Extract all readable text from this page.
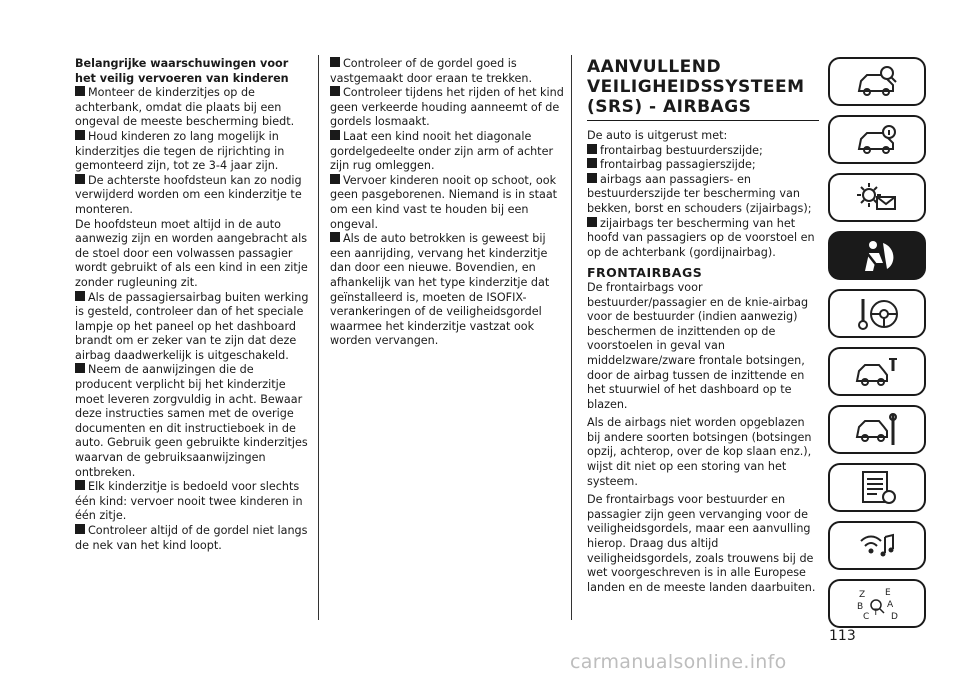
Belangrijke waarschuwingen voor het veilig vervoeren van kinderen

Monteer de kinderzitjes op de achterbank, omdat die plaats bij een ongeval de meeste bescherming biedt.

Houd kinderen zo lang mogelijk in kinderzitjes die tegen de rijrichting in gemonteerd zijn, tot ze 3-4 jaar zijn.

De achterste hoofdsteun kan zo nodig verwijderd worden om een kinderzitje te monteren.

De hoofdsteun moet altijd in de auto aanwezig zijn en worden aangebracht als de stoel door een volwassen passagier wordt gebruikt of als een kind in een zitje zonder rugleuning zit.

Als de passagiersairbag buiten werking is gesteld, controleer dan of het speciale lampje op het paneel op het dashboard brandt om er zeker van te zijn dat deze airbag daadwerkelijk is uitgeschakeld.

Neem de aanwijzingen die de producent verplicht bij het kinderzitje moet leveren zorgvuldig in acht. Bewaar deze instructies samen met de overige documenten en dit instructieboek in de auto. Gebruik geen gebruikte kinderzitjes waarvan de gebruiksaanwijzingen ontbreken.

Elk kinderzitje is bedoeld voor slechts één kind: vervoer nooit twee kinderen in één zitje.

Controleer altijd of de gordel niet langs de nek van het kind loopt.

Controleer of de gordel goed is vastgemaakt door eraan te trekken.

Controleer tijdens het rijden of het kind geen verkeerde houding aanneemt of de gordels losmaakt.

Laat een kind nooit het diagonale gordelgedeelte onder zijn arm of achter zijn rug omleggen.

Vervoer kinderen nooit op schoot, ook geen pasgeborenen. Niemand is in staat om een kind vast te houden bij een ongeval.

Als de auto betrokken is geweest bij een aanrijding, vervang het kinderzitje dan door een nieuwe. Bovendien, en afhankelijk van het type kinderzitje dat geïnstalleerd is, moeten de ISOFIX-verankeringen of de veiligheidsgordel waarmee het kinderzitje vastzat ook worden vervangen.

AANVULLEND VEILIGHEIDSSYSTEEM (SRS) - AIRBAGS

De auto is uitgerust met:

frontairbag bestuurderszijde;

frontairbag passagierszijde;

airbags aan passagiers- en bestuurderszijde ter bescherming van bekken, borst en schouders (zijairbags);

zijairbags ter bescherming van het hoofd van passagiers op de voorstoel en op de achterbank (gordijnairbag).

FRONTAIRBAGS

De frontairbags voor bestuurder/passagier en de knie-airbag voor de bestuurder (indien aanwezig) beschermen de inzittenden op de voorstoelen in geval van middelzware/zware frontale botsingen, door de airbag tussen de inzittende en het stuurwiel of het dashboard op te blazen.

Als de airbags niet worden opgeblazen bij andere soorten botsingen (botsingen opzij, achterop, over de kop slaan enz.), wijst dit niet op een storing van het systeem.

De frontairbags voor bestuurder en passagier zijn geen vervanging voor de veiligheidsgordels, maar een aanvulling hierop. Draag dus altijd veiligheidsgordels, zoals trouwens bij de wet voorgeschreven is in alle Europese landen en de meeste landen daarbuiten.

Z E
B	A
C D
T
113
carmanualsonline.info
